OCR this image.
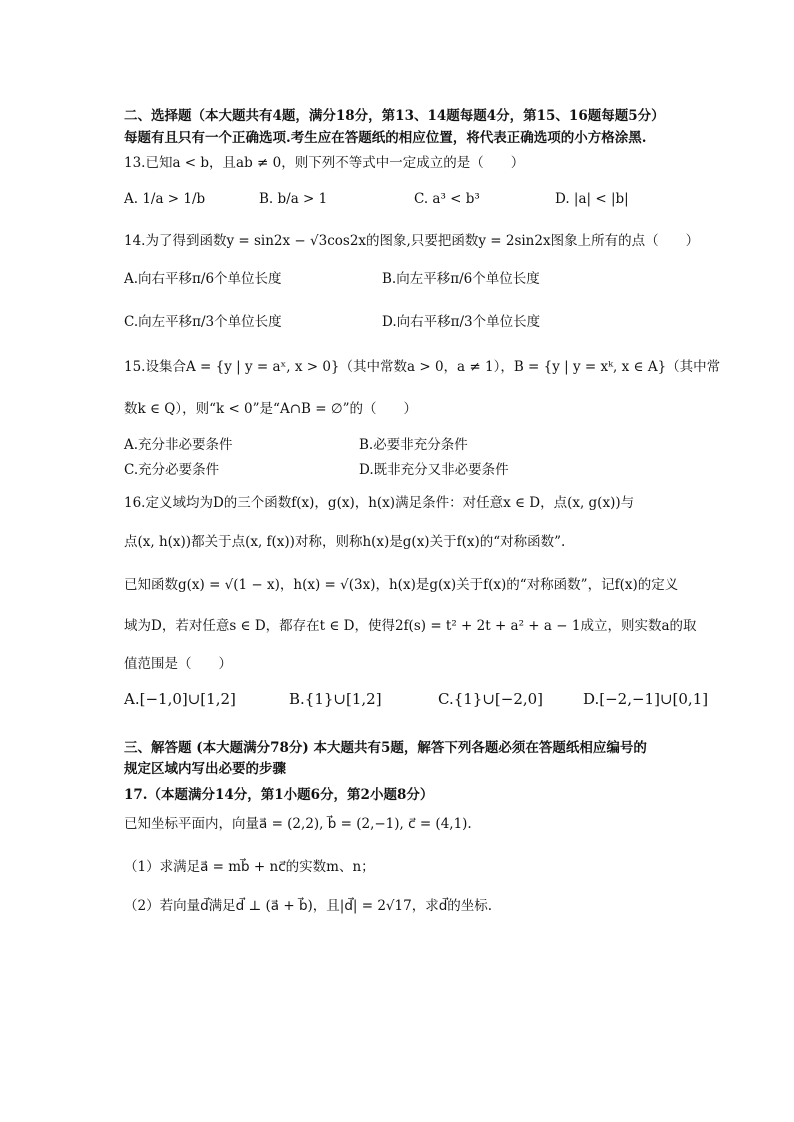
二、选择题（本大题共有4题，满分18分，第13、14题每题4分，第15、16题每题5分）
每题有且只有一个正确选项.考生应在答题纸的相应位置，将代表正确选项的小方格涂黑.
13.已知a < b，且ab ≠ 0，则下列不等式中一定成立的是（　　）
A. 1/a > 1/b	B. b/a > 1	C. a³ < b³	D. |a| < |b|
14.为了得到函数y = sin2x − √3cos2x的图象,只要把函数y = 2sin2x图象上所有的点（　　）
A.向右平移π/6个单位长度	B.向左平移π/6个单位长度
C.向左平移π/3个单位长度	D.向右平移π/3个单位长度
15.设集合A = {y | y = aˣ, x > 0}（其中常数a > 0，a ≠ 1），B = {y | y = xᵏ, x ∈ A}（其中常
数k ∈ Q），则“k < 0”是“A∩B = ∅”的（　　）
A.充分非必要条件	B.必要非充分条件
C.充分必要条件	D.既非充分又非必要条件
16.定义域均为D的三个函数f(x)，g(x)，h(x)满足条件：对任意x ∈ D，点(x, g(x))与
点(x, h(x))都关于点(x, f(x))对称，则称h(x)是g(x)关于f(x)的“对称函数”.
已知函数g(x) = √(1 − x)，h(x) = √(3x)，h(x)是g(x)关于f(x)的“对称函数”，记f(x)的定义
域为D，若对任意s ∈ D，都存在t ∈ D，使得2f(s) = t² + 2t + a² + a − 1成立，则实数a的取
值范围是（　　）
A.[−1,0]∪[1,2]	B.{1}∪[1,2]	C.{1}∪[−2,0]	D.[−2,−1]∪[0,1]
三、解答题 (本大题满分78分) 本大题共有5题，解答下列各题必须在答题纸相应编号的
规定区域内写出必要的步骤
17.（本题满分14分，第1小题6分，第2小题8分）
已知坐标平面内，向量a⃗ = (2,2), b⃗ = (2,−1), c⃗ = (4,1).
（1）求满足a⃗ = mb⃗ + nc⃗的实数m、n；
（2）若向量d⃗满足d⃗ ⊥ (a⃗ + b⃗)，且|d⃗| = 2√17，求d⃗的坐标.
